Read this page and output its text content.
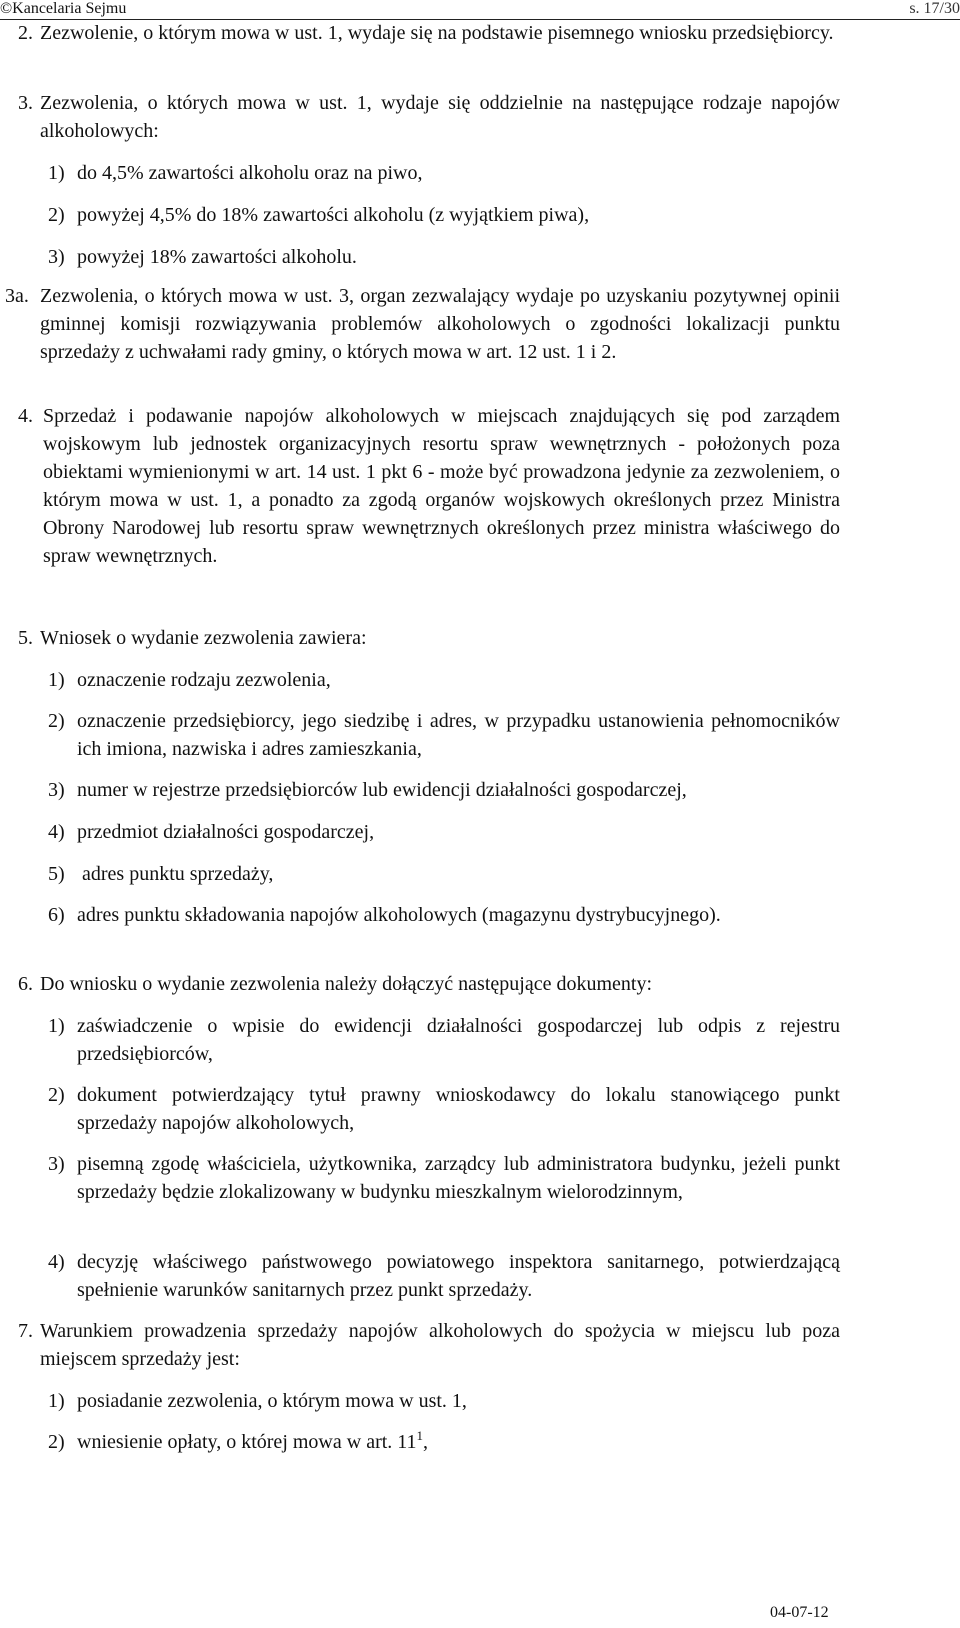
©Kancelaria Sejmu	s. 17/30
2. Zezwolenie, o którym mowa w ust. 1, wydaje się na podstawie pisemnego wniosku przedsiębiorcy.
3. Zezwolenia, o których mowa w ust. 1, wydaje się oddzielnie na następujące rodzaje napojów alkoholowych:
1) do 4,5% zawartości alkoholu oraz na piwo,
2) powyżej 4,5% do 18% zawartości alkoholu (z wyjątkiem piwa),
3) powyżej 18% zawartości alkoholu.
3a. Zezwolenia, o których mowa w ust. 3, organ zezwalający wydaje po uzyskaniu pozytywnej opinii gminnej komisji rozwiązywania problemów alkoholowych o zgodności lokalizacji punktu sprzedaży z uchwałami rady gminy, o których mowa w art. 12 ust. 1 i 2.
4. Sprzedaż i podawanie napojów alkoholowych w miejscach znajdujących się pod zarządem wojskowym lub jednostek organizacyjnych resortu spraw wewnętrznych - położonych poza obiektami wymienionymi w art. 14 ust. 1 pkt 6 - może być prowadzona jedynie za zezwoleniem, o którym mowa w ust. 1, a ponadto za zgodą organów wojskowych określonych przez Ministra Obrony Narodowej lub resortu spraw wewnętrznych określonych przez ministra właściwego do spraw wewnętrznych.
5. Wniosek o wydanie zezwolenia zawiera:
1) oznaczenie rodzaju zezwolenia,
2) oznaczenie przedsiębiorcy, jego siedzibę i adres, w przypadku ustanowienia pełnomocników ich imiona, nazwiska i adres zamieszkania,
3) numer w rejestrze przedsiębiorców lub ewidencji działalności gospodarczej,
4) przedmiot działalności gospodarczej,
5) adres punktu sprzedaży,
6) adres punktu składowania napojów alkoholowych (magazynu dystrybucyjnego).
6. Do wniosku o wydanie zezwolenia należy dołączyć następujące dokumenty:
1) zaświadczenie o wpisie do ewidencji działalności gospodarczej lub odpis z rejestru przedsiębiorców,
2) dokument potwierdzający tytuł prawny wnioskodawcy do lokalu stanowiącego punkt sprzedaży napojów alkoholowych,
3) pisemną zgodę właściciela, użytkownika, zarządcy lub administratora budynku, jeżeli punkt sprzedaży będzie zlokalizowany w budynku mieszkalnym wielorodzinnym,
4) decyzję właściwego państwowego powiatowego inspektora sanitarnego, potwierdzającą spełnienie warunków sanitarnych przez punkt sprzedaży.
7. Warunkiem prowadzenia sprzedaży napojów alkoholowych do spożycia w miejscu lub poza miejscem sprzedaży jest:
1) posiadanie zezwolenia, o którym mowa w ust. 1,
2) wniesienie opłaty, o której mowa w art. $11^1$,
04-07-12
